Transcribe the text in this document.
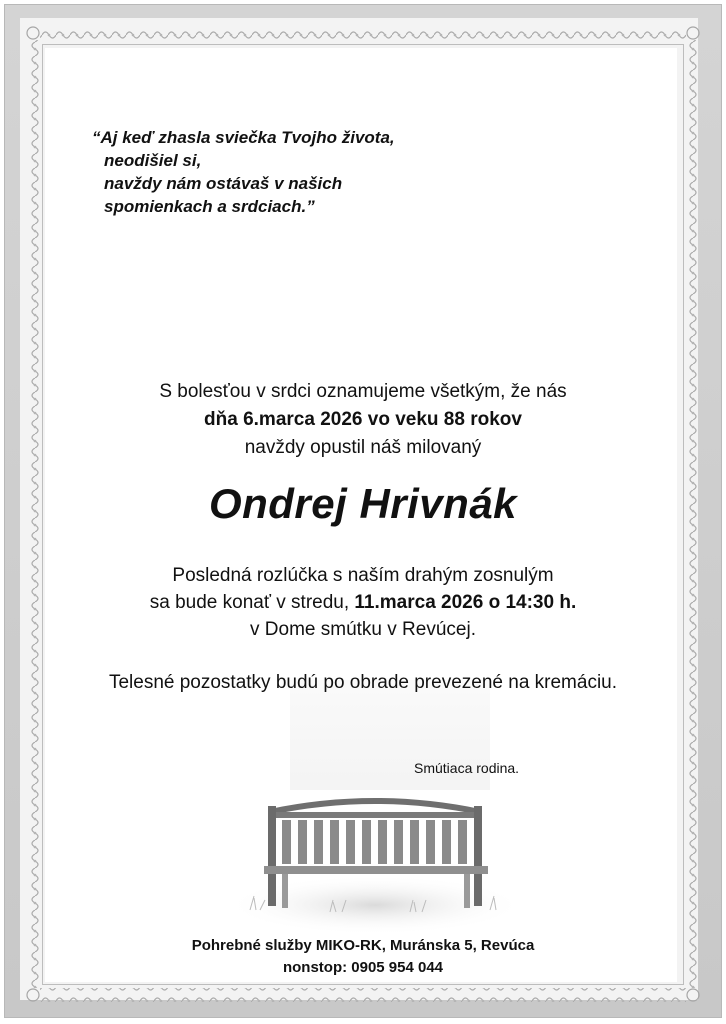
“Aj keď zhasla sviečka Tvojho života,
neodišiel si,
navždy nám ostávaš v našich
spomienkach a srdciach.”
S bolesťou v srdci oznamujeme všetkým, že nás
dňa 6.marca 2026 vo veku 88 rokov
navždy opustil náš milovaný
Ondrej Hrivnák
Posledná rozlúčka s naším drahým zosnulým
sa bude konať v stredu, 11.marca 2026 o 14:30 h.
v Dome smútku v Revúcej.
Telesné pozostatky budú po obrade prevezené na kremáciu.
Smútiaca rodina.
Pohrebné služby MIKO-RK, Muránska 5, Revúca
nonstop: 0905 954 044
